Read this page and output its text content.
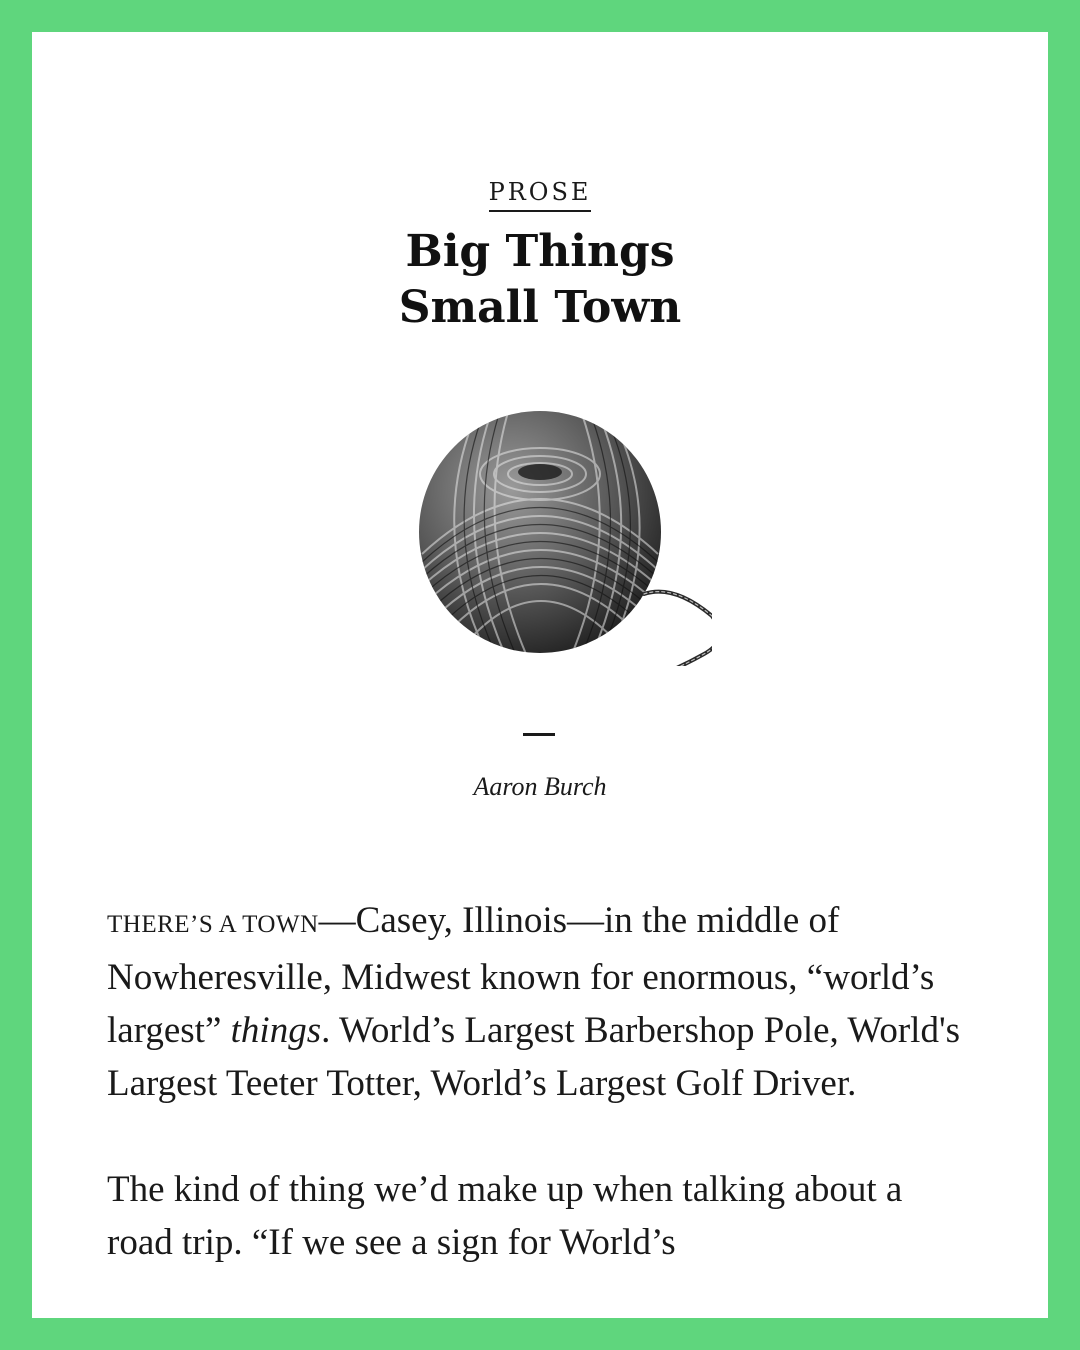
PROSE
Big Things
Small Town
Aaron Burch

THERE’S A TOWN—Casey, Illinois—in the middle of Nowheresville, Midwest known for enormous, “world’s largest” things. World’s Largest Barbershop Pole, World's Largest Teeter Totter, World’s Largest Golf Driver.

The kind of thing we’d make up when talking about a road trip. “If we see a sign for World’s
